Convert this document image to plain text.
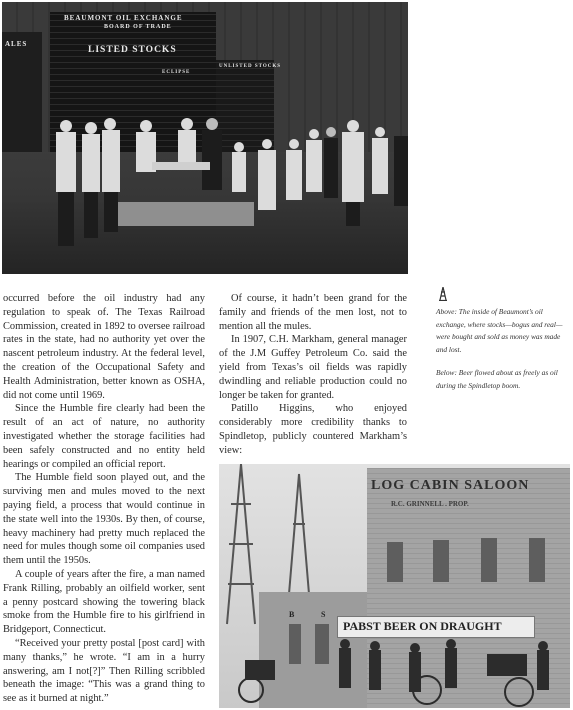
BEAUMONT OIL EXCHANGE
BOARD OF TRADE
LISTED STOCKS
ALES
UNLISTED STOCKS
ECLIPSE

occurred before the oil industry had any regulation to speak of. The Texas Railroad Commission, created in 1892 to oversee railroad rates in the state, had no authority yet over the nascent petroleum industry. At the federal level, the creation of the Occupational Safety and Health Administration, better known as OSHA, did not come until 1969.

Since the Humble fire clearly had been the result of an act of nature, no authority investigated whether the storage facilities had been safely constructed and no entity held hearings or compiled an official report.

The Humble field soon played out, and the surviving men and mules moved to the next paying field, a process that would continue in the state well into the 1930s. By then, of course, heavy machinery had pretty much replaced the need for mules though some oil companies used them until the 1950s.

A couple of years after the fire, a man named Frank Rilling, probably an oilfield worker, sent a penny postcard showing the towering black smoke from the Humble fire to his girlfriend in Bridgeport, Connecticut.

“Received your pretty postal [post card] with many thanks,” he wrote. “I am in a hurry answering, am I not[?]” Then Rilling scribbled beneath the image: “This was a grand thing to see as it burned at night.”

Of course, it hadn’t been grand for the family and friends of the men lost, not to mention all the mules.

In 1907, C.H. Markham, general manager of the J.M Guffey Petroleum Co. said the yield from Texas’s oil fields was rapidly dwindling and reliable production could no longer be taken for granted.

Patillo Higgins, who enjoyed considerably more credibility thanks to Spindletop, publicly countered Markham’s view:

Above: The inside of Beaumont’s oil exchange, where stocks—bogus and real—were bought and sold as money was made and lost.

Below: Beer flowed about as freely as oil during the Spindletop boom.

LOG CABIN SALOON
R.C. GRINNELL . PROP.
PABST BEER ON DRAUGHT
B	S
